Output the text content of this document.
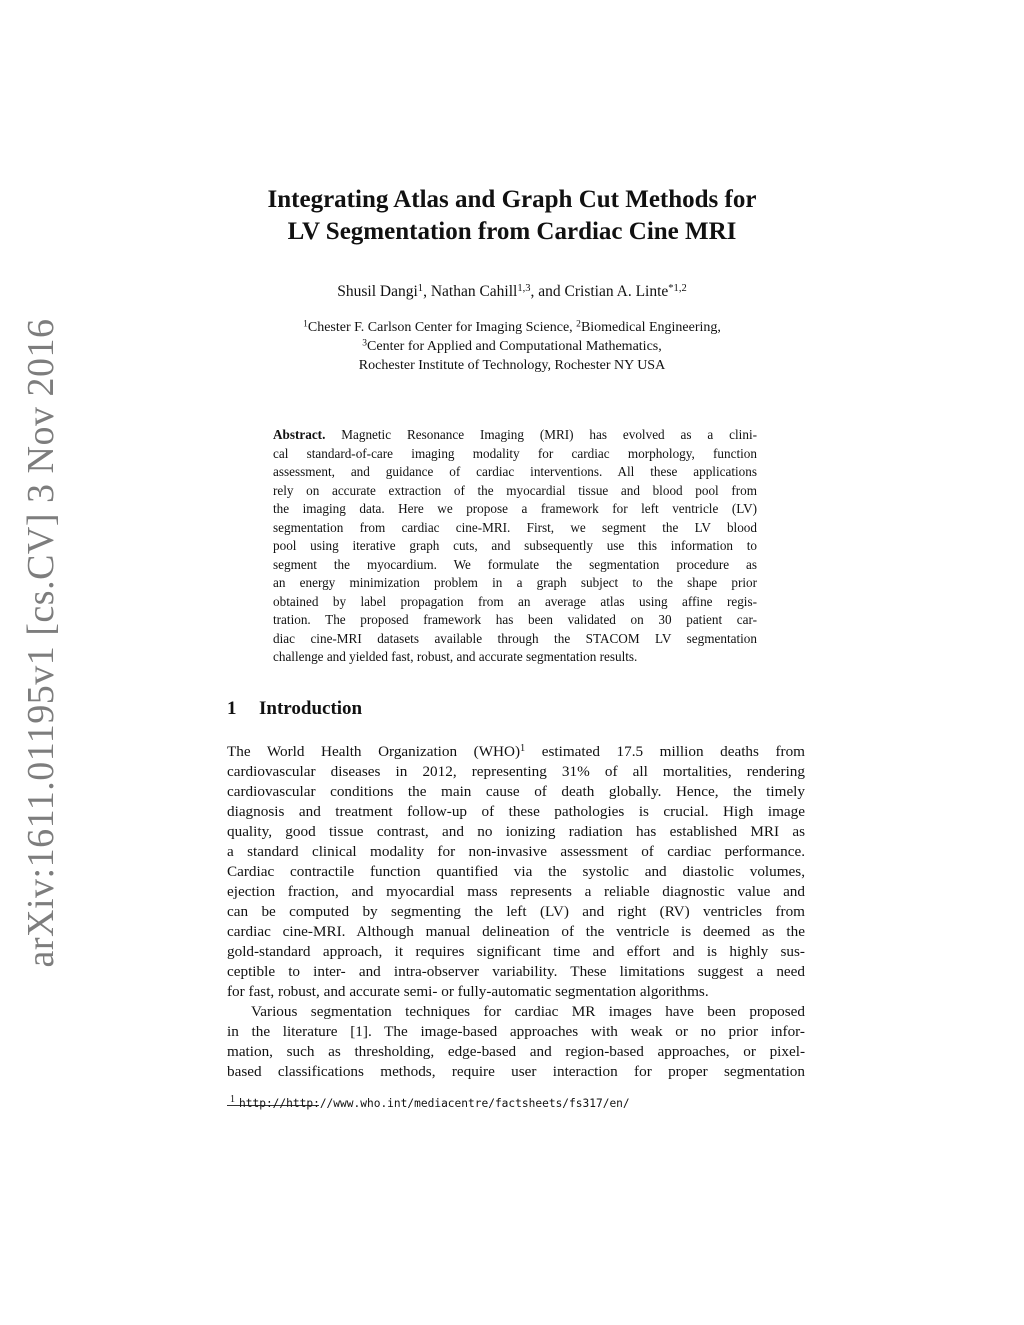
arXiv:1611.01195v1 [cs.CV] 3 Nov 2016
Integrating Atlas and Graph Cut Methods for
LV Segmentation from Cardiac Cine MRI
Shusil Dangi$^1$, Nathan Cahill$^{1,3}$, and Cristian A. Linte$^{*1,2}$
$^1$Chester F. Carlson Center for Imaging Science, $^2$Biomedical Engineering,
$^3$Center for Applied and Computational Mathematics,
Rochester Institute of Technology, Rochester NY USA
Abstract. Magnetic Resonance Imaging (MRI) has evolved as a clini-
cal standard-of-care imaging modality for cardiac morphology, function
assessment, and guidance of cardiac interventions. All these applications
rely on accurate extraction of the myocardial tissue and blood pool from
the imaging data. Here we propose a framework for left ventricle (LV)
segmentation from cardiac cine-MRI. First, we segment the LV blood
pool using iterative graph cuts, and subsequently use this information to
segment the myocardium. We formulate the segmentation procedure as
an energy minimization problem in a graph subject to the shape prior
obtained by label propagation from an average atlas using affine regis-
tration. The proposed framework has been validated on 30 patient car-
diac cine-MRI datasets available through the STACOM LV segmentation
challenge and yielded fast, robust, and accurate segmentation results.
1 Introduction
The World Health Organization (WHO)$^1$ estimated 17.5 million deaths from
cardiovascular diseases in 2012, representing 31% of all mortalities, rendering
cardiovascular conditions the main cause of death globally. Hence, the timely
diagnosis and treatment follow-up of these pathologies is crucial. High image
quality, good tissue contrast, and no ionizing radiation has established MRI as
a standard clinical modality for non-invasive assessment of cardiac performance.
Cardiac contractile function quantified via the systolic and diastolic volumes,
ejection fraction, and myocardial mass represents a reliable diagnostic value and
can be computed by segmenting the left (LV) and right (RV) ventricles from
cardiac cine-MRI. Although manual delineation of the ventricle is deemed as the
gold-standard approach, it requires significant time and effort and is highly sus-
ceptible to inter- and intra-observer variability. These limitations suggest a need
for fast, robust, and accurate semi- or fully-automatic segmentation algorithms.
Various segmentation techniques for cardiac MR images have been proposed
in the literature [1]. The image-based approaches with weak or no prior infor-
mation, such as thresholding, edge-based and region-based approaches, or pixel-
based classifications methods, require user interaction for proper segmentation
$^1$ http://http://www.who.int/mediacentre/factsheets/fs317/en/
